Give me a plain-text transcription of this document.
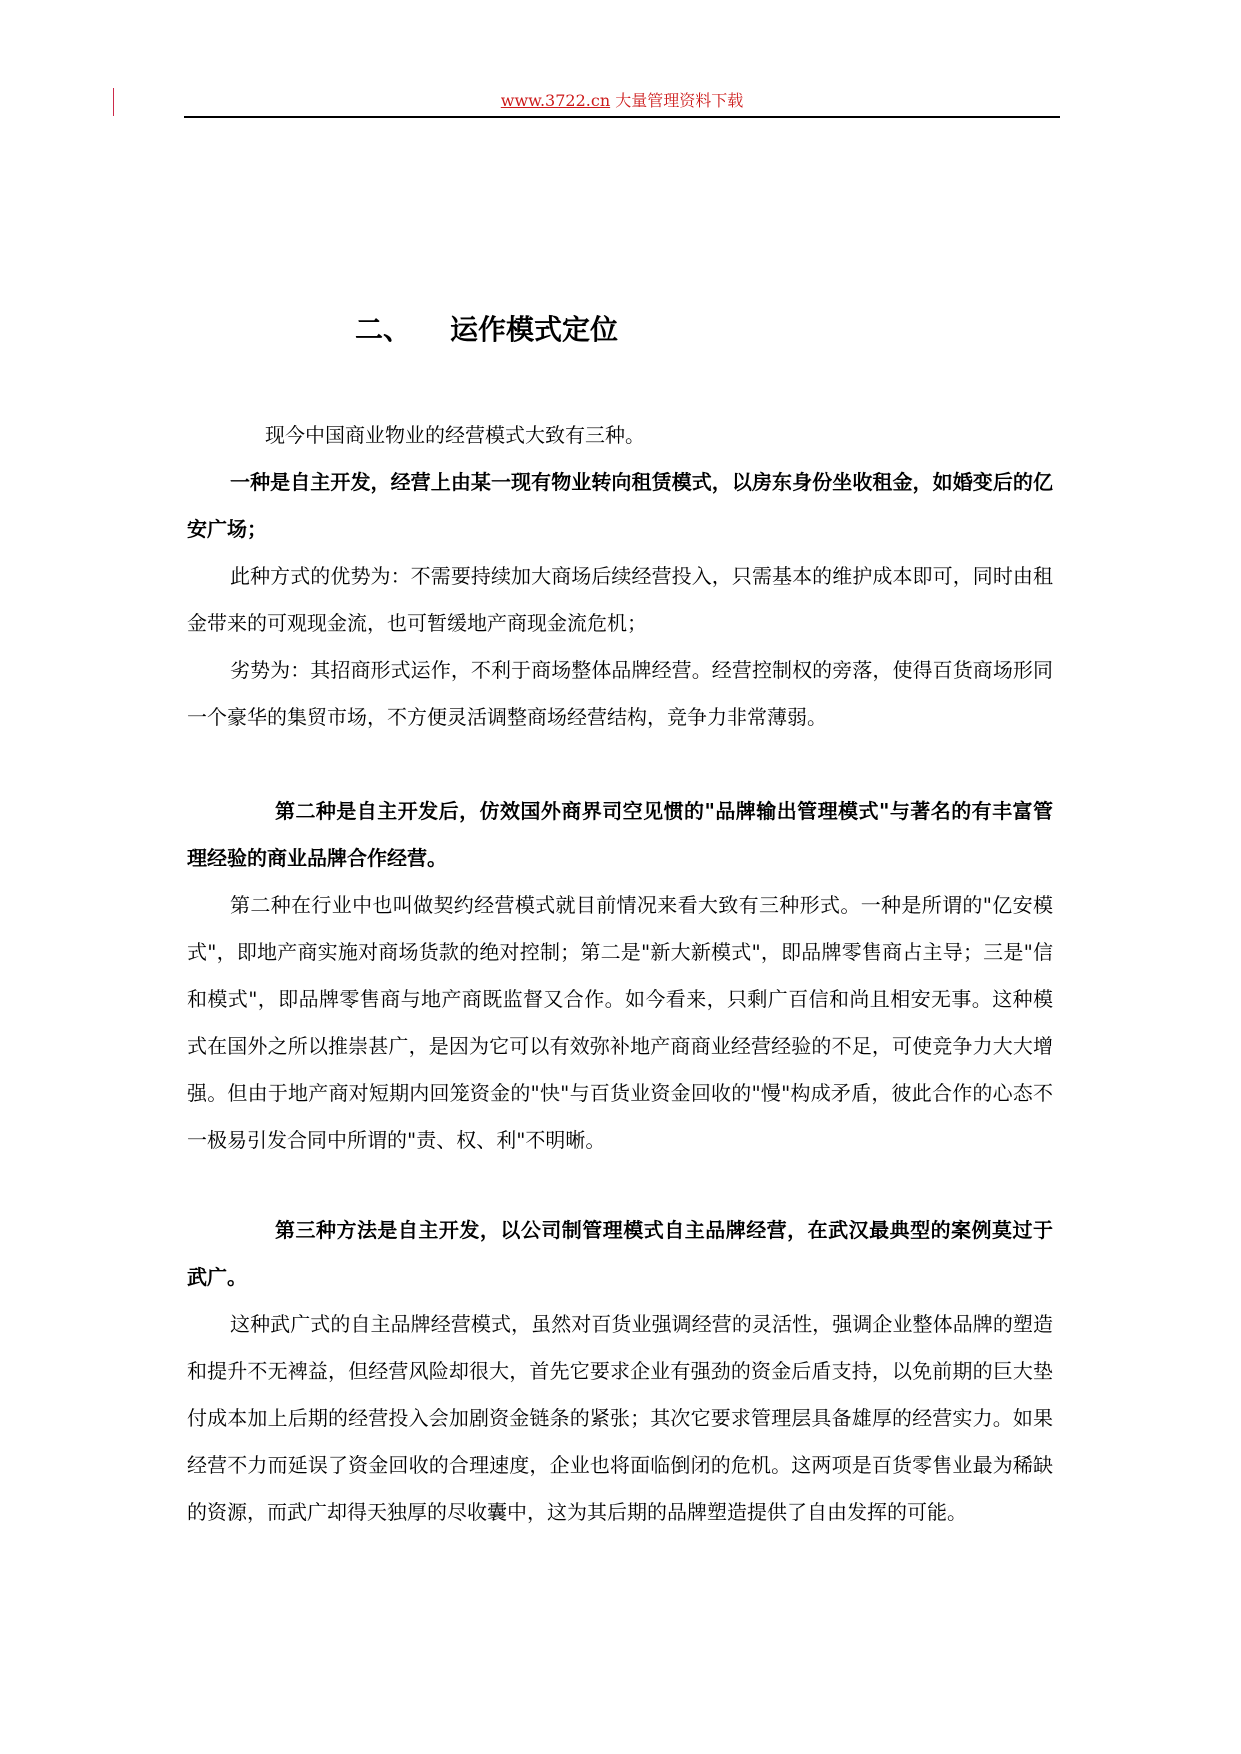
www.3722.cn 大量管理资料下载
二、 运作模式定位

现今中国商业物业的经营模式大致有三种。

一种是自主开发，经营上由某一现有物业转向租赁模式，以房东身份坐收租金，如婚变后的亿安广场；

此种方式的优势为：不需要持续加大商场后续经营投入，只需基本的维护成本即可，同时由租金带来的可观现金流，也可暂缓地产商现金流危机；

劣势为：其招商形式运作，不利于商场整体品牌经营。经营控制权的旁落，使得百货商场形同一个豪华的集贸市场，不方便灵活调整商场经营结构，竞争力非常薄弱。

第二种是自主开发后，仿效国外商界司空见惯的"品牌输出管理模式"与著名的有丰富管理经验的商业品牌合作经营。

第二种在行业中也叫做契约经营模式就目前情况来看大致有三种形式。一种是所谓的"亿安模式"，即地产商实施对商场货款的绝对控制；第二是"新大新模式"，即品牌零售商占主导；三是"信和模式"，即品牌零售商与地产商既监督又合作。如今看来，只剩广百信和尚且相安无事。这种模式在国外之所以推崇甚广，是因为它可以有效弥补地产商商业经营经验的不足，可使竞争力大大增强。但由于地产商对短期内回笼资金的"快"与百货业资金回收的"慢"构成矛盾，彼此合作的心态不一极易引发合同中所谓的"责、权、利"不明晰。

第三种方法是自主开发，以公司制管理模式自主品牌经营，在武汉最典型的案例莫过于武广。

这种武广式的自主品牌经营模式，虽然对百货业强调经营的灵活性，强调企业整体品牌的塑造和提升不无裨益，但经营风险却很大，首先它要求企业有强劲的资金后盾支持，以免前期的巨大垫付成本加上后期的经营投入会加剧资金链条的紧张；其次它要求管理层具备雄厚的经营实力。如果经营不力而延误了资金回收的合理速度，企业也将面临倒闭的危机。这两项是百货零售业最为稀缺的资源，而武广却得天独厚的尽收囊中，这为其后期的品牌塑造提供了自由发挥的可能。
